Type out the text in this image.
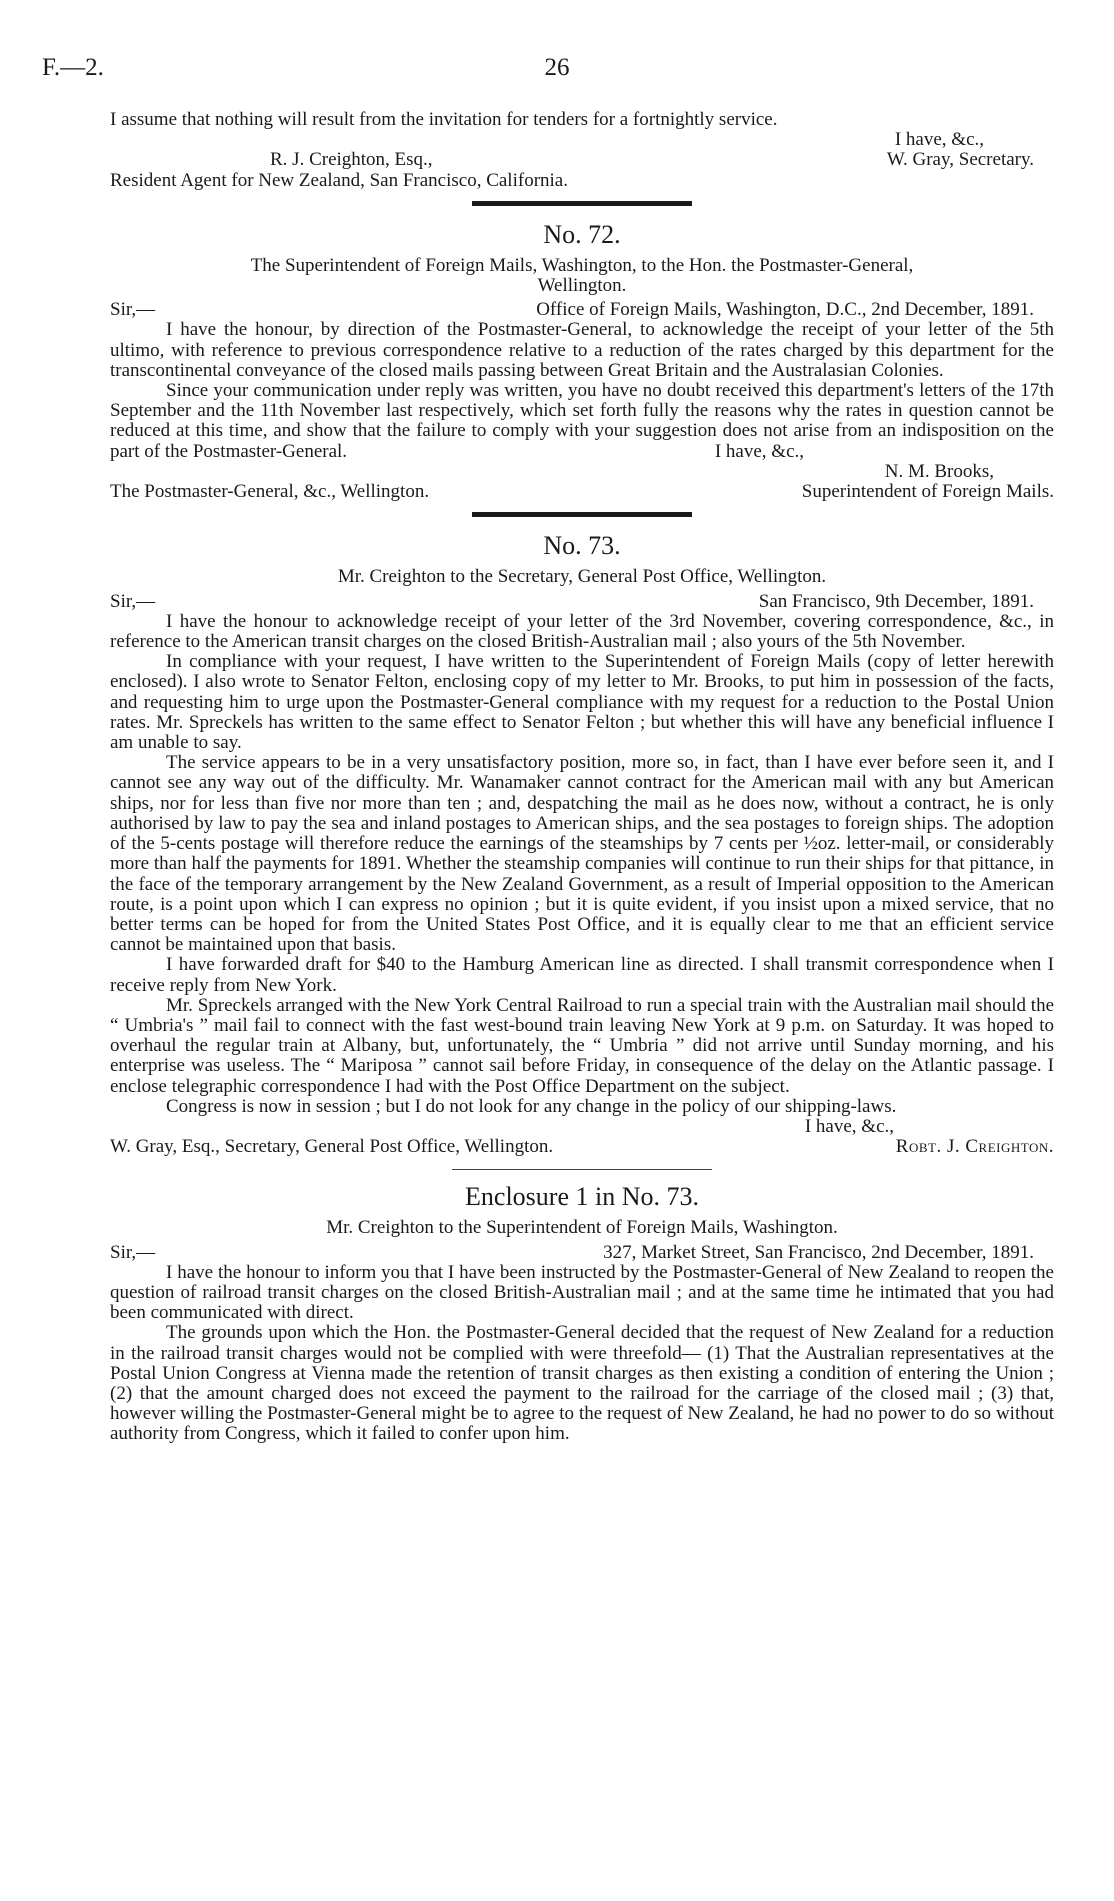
F.—2.	26

I assume that nothing will result from the invitation for tenders for a fortnightly service.

I have, &c.,
R. J. Creighton, Esq.,	W. Gray, Secretary.
Resident Agent for New Zealand, San Francisco, California.
No. 72.
The Superintendent of Foreign Mails, Washington, to the Hon. the Postmaster-General,
Wellington.
Sir,—	Office of Foreign Mails, Washington, D.C., 2nd December, 1891.

I have the honour, by direction of the Postmaster-General, to acknowledge the receipt of your letter of the 5th ultimo, with reference to previous correspondence relative to a reduction of the rates charged by this department for the transcontinental conveyance of the closed mails passing between Great Britain and the Australasian Colonies.

Since your communication under reply was written, you have no doubt received this department's letters of the 17th September and the 11th November last respectively, which set forth fully the reasons why the rates in question cannot be reduced at this time, and show that the failure to comply with your suggestion does not arise from an indisposition on the part of the Postmaster-General.	I have, &c.,
N. M. Brooks,
The Postmaster-General, &c., Wellington.	Superintendent of Foreign Mails.
No. 73.
Mr. Creighton to the Secretary, General Post Office, Wellington.
Sir,—	San Francisco, 9th December, 1891.

I have the honour to acknowledge receipt of your letter of the 3rd November, covering correspondence, &c., in reference to the American transit charges on the closed British-Australian mail ; also yours of the 5th November.

In compliance with your request, I have written to the Superintendent of Foreign Mails (copy of letter herewith enclosed). I also wrote to Senator Felton, enclosing copy of my letter to Mr. Brooks, to put him in possession of the facts, and requesting him to urge upon the Postmaster-General compliance with my request for a reduction to the Postal Union rates. Mr. Spreckels has written to the same effect to Senator Felton ; but whether this will have any beneficial influence I am unable to say.

The service appears to be in a very unsatisfactory position, more so, in fact, than I have ever before seen it, and I cannot see any way out of the difficulty. Mr. Wanamaker cannot contract for the American mail with any but American ships, nor for less than five nor more than ten ; and, despatching the mail as he does now, without a contract, he is only authorised by law to pay the sea and inland postages to American ships, and the sea postages to foreign ships. The adoption of the 5-cents postage will therefore reduce the earnings of the steamships by 7 cents per ½oz. letter-mail, or considerably more than half the payments for 1891. Whether the steamship companies will continue to run their ships for that pittance, in the face of the temporary arrangement by the New Zealand Government, as a result of Imperial opposition to the American route, is a point upon which I can express no opinion ; but it is quite evident, if you insist upon a mixed service, that no better terms can be hoped for from the United States Post Office, and it is equally clear to me that an efficient service cannot be maintained upon that basis.

I have forwarded draft for $40 to the Hamburg American line as directed. I shall transmit correspondence when I receive reply from New York.

Mr. Spreckels arranged with the New York Central Railroad to run a special train with the Australian mail should the “ Umbria's ” mail fail to connect with the fast west-bound train leaving New York at 9 p.m. on Saturday. It was hoped to overhaul the regular train at Albany, but, unfortunately, the “ Umbria ” did not arrive until Sunday morning, and his enterprise was useless. The “ Mariposa ” cannot sail before Friday, in consequence of the delay on the Atlantic passage. I enclose telegraphic correspondence I had with the Post Office Department on the subject.

Congress is now in session ; but I do not look for any change in the policy of our shipping-laws.

I have, &c.,
W. Gray, Esq., Secretary, General Post Office, Wellington.	Robt. J. Creighton.
Enclosure 1 in No. 73.
Mr. Creighton to the Superintendent of Foreign Mails, Washington.
Sir,—	327, Market Street, San Francisco, 2nd December, 1891.

I have the honour to inform you that I have been instructed by the Postmaster-General of New Zealand to reopen the question of railroad transit charges on the closed British-Australian mail ; and at the same time he intimated that you had been communicated with direct.

The grounds upon which the Hon. the Postmaster-General decided that the request of New Zealand for a reduction in the railroad transit charges would not be complied with were threefold— (1) That the Australian representatives at the Postal Union Congress at Vienna made the retention of transit charges as then existing a condition of entering the Union ; (2) that the amount charged does not exceed the payment to the railroad for the carriage of the closed mail ; (3) that, however willing the Postmaster-General might be to agree to the request of New Zealand, he had no power to do so without authority from Congress, which it failed to confer upon him.
